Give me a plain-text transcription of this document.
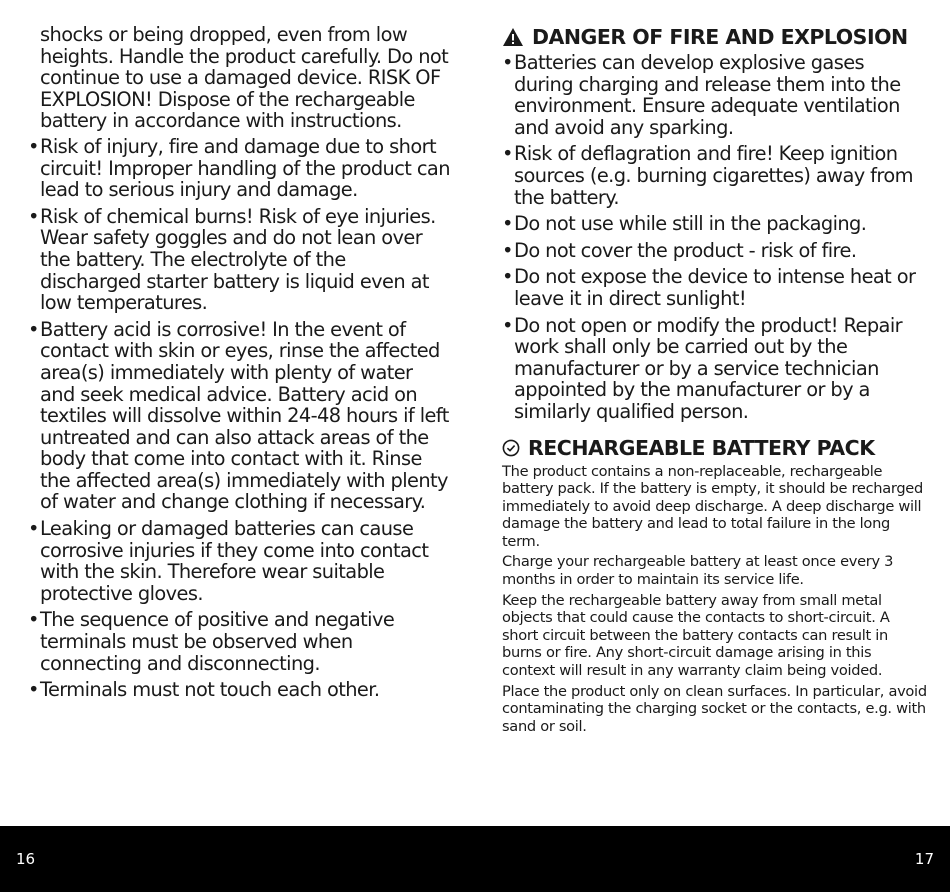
shocks or being dropped, even from low heights. Handle the product carefully. Do not continue to use a damaged device. RISK OF EXPLOSION! Dispose of the rechargeable battery in accordance with instructions.
• Risk of injury, fire and damage due to short circuit! Improper handling of the product can lead to serious injury and damage.
• Risk of chemical burns! Risk of eye injuries. Wear safety goggles and do not lean over the battery. The electrolyte of the discharged starter battery is liquid even at low temperatures.
• Battery acid is corrosive! In the event of contact with skin or eyes, rinse the affected area(s) immediately with plenty of water and seek medical advice. Battery acid on textiles will dissolve within 24-48 hours if left untreated and can also attack areas of the body that come into contact with it. Rinse the affected area(s) immediately with plenty of water and change clothing if necessary.
• Leaking or damaged batteries can cause corrosive injuries if they come into contact with the skin. Therefore wear suitable protective gloves.
• The sequence of positive and negative terminals must be observed when connecting and disconnecting.
• Terminals must not touch each other.
DANGER OF FIRE AND EXPLOSION
• Batteries can develop explosive gases during charging and release them into the environment. Ensure adequate ventilation and avoid any sparking.
• Risk of deflagration and fire! Keep ignition sources (e.g. burning cigarettes) away from the battery.
• Do not use while still in the packaging.
• Do not cover the product - risk of fire.
• Do not expose the device to intense heat or leave it in direct sunlight!
• Do not open or modify the product! Repair work shall only be carried out by the manufacturer or by a service technician appointed by the manufacturer or by a similarly qualified person.
RECHARGEABLE BATTERY PACK
The product contains a non-replaceable, rechargeable battery pack. If the battery is empty, it should be recharged immediately to avoid deep discharge. A deep discharge will damage the battery and lead to total failure in the long term.
Charge your rechargeable battery at least once every 3 months in order to maintain its service life.
Keep the rechargeable battery away from small metal objects that could cause the contacts to short-circuit. A short circuit between the battery contacts can result in burns or fire. Any short-circuit damage arising in this context will result in any warranty claim being voided.
Place the product only on clean surfaces. In particular, avoid contaminating the charging socket or the contacts, e.g. with sand or soil.
16	17
